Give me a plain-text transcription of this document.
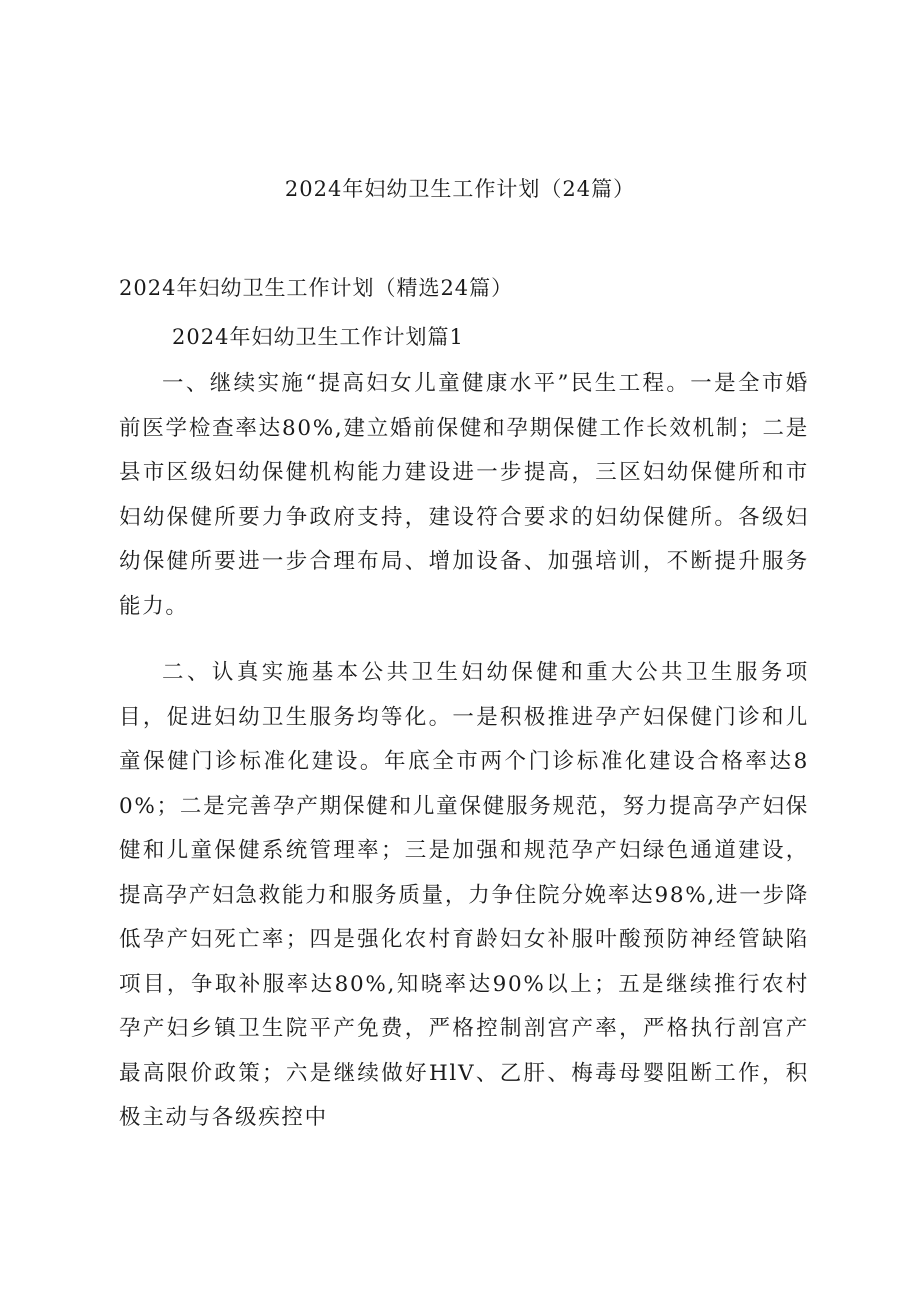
2024年妇幼卫生工作计划（24篇）

2024年妇幼卫生工作计划（精选24篇）

2024年妇幼卫生工作计划篇1

一、继续实施“提高妇女儿童健康水平”民生工程。一是全市婚前医学检查率达80%,建立婚前保健和孕期保健工作长效机制；二是县市区级妇幼保健机构能力建设进一步提高，三区妇幼保健所和市妇幼保健所要力争政府支持，建设符合要求的妇幼保健所。各级妇幼保健所要进一步合理布局、增加设备、加强培训，不断提升服务能力。

二、认真实施基本公共卫生妇幼保健和重大公共卫生服务项目，促进妇幼卫生服务均等化。一是积极推进孕产妇保健门诊和儿童保健门诊标准化建设。年底全市两个门诊标准化建设合格率达80%；二是完善孕产期保健和儿童保健服务规范，努力提高孕产妇保健和儿童保健系统管理率；三是加强和规范孕产妇绿色通道建设，提高孕产妇急救能力和服务质量，力争住院分娩率达98%,进一步降低孕产妇死亡率；四是强化农村育龄妇女补服叶酸预防神经管缺陷项目，争取补服率达80%,知晓率达90%以上；五是继续推行农村孕产妇乡镇卫生院平产免费，严格控制剖宫产率，严格执行剖宫产最高限价政策；六是继续做好HlV、乙肝、梅毒母婴阻断工作，积极主动与各级疾控中
